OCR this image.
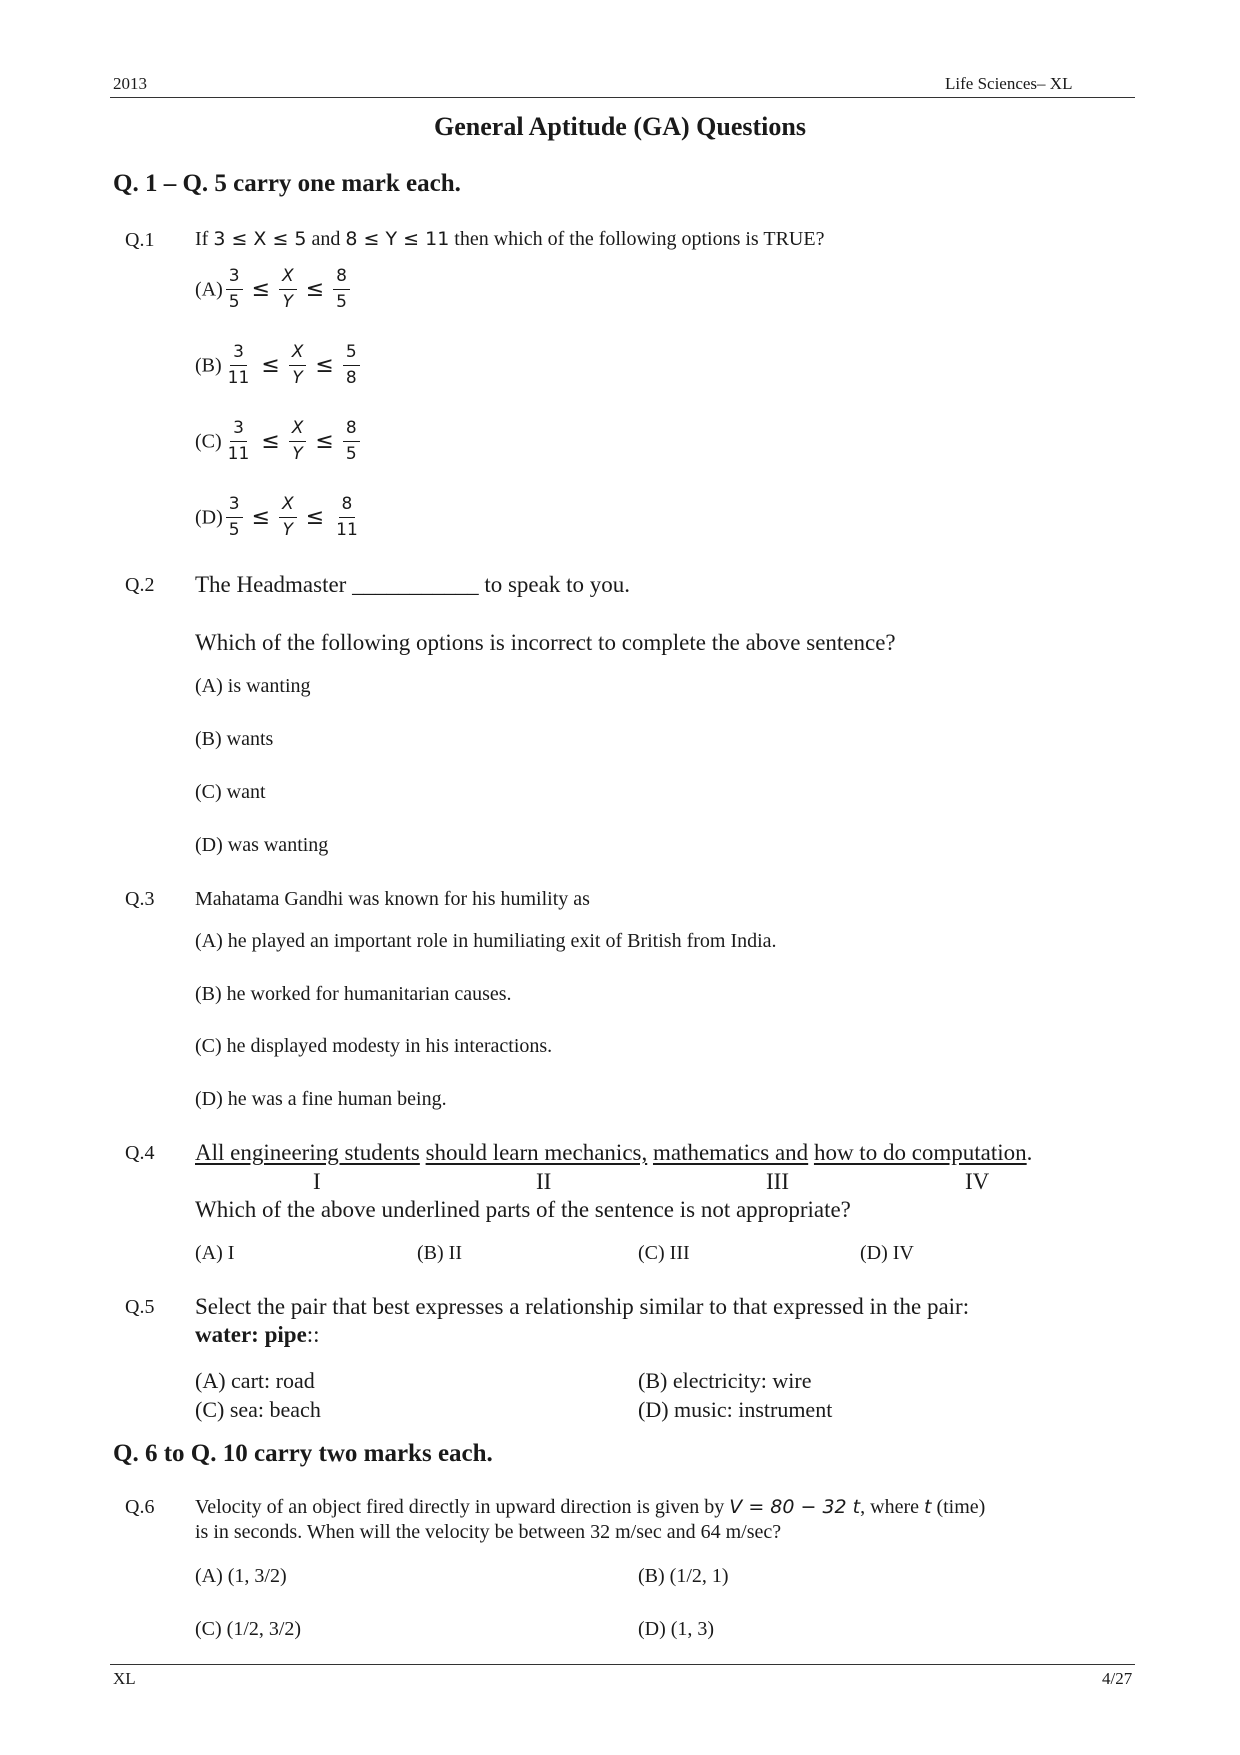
2013	Life Sciences– XL
General Aptitude (GA) Questions
Q. 1 – Q. 5 carry one mark each.
Q.1 If 3 ≤ X ≤ 5 and 8 ≤ Y ≤ 11 then which of the following options is TRUE?
$(A) \frac{3}{5} \le \frac{X}{Y} \le \frac{8}{5}$
$(B) \frac{3}{11} \le \frac{X}{Y} \le \frac{5}{8}$
$(C) \frac{3}{11} \le \frac{X}{Y} \le \frac{8}{5}$
$(D) \frac{3}{5} \le \frac{X}{Y} \le \frac{8}{11}$
Q.2 The Headmaster ___________ to speak to you.
Which of the following options is incorrect to complete the above sentence?
(A) is wanting
(B) wants
(C) want
(D) was wanting
Q.3 Mahatama Gandhi was known for his humility as
(A) he played an important role in humiliating exit of British from India.
(B) he worked for humanitarian causes.
(C) he displayed modesty in his interactions.
(D) he was a fine human being.
Q.4 All engineering students should learn mechanics, mathematics and how to do computation.
I	II	III	IV
Which of the above underlined parts of the sentence is not appropriate?
(A) I	(B) II	(C) III	(D) IV
Q.5 Select the pair that best expresses a relationship similar to that expressed in the pair:
water: pipe::
(A) cart: road	(B) electricity: wire
(C) sea: beach	(D) music: instrument
Q. 6 to Q. 10 carry two marks each.
Q.6 Velocity of an object fired directly in upward direction is given by V = 80 − 32 t, where t (time)
is in seconds. When will the velocity be between 32 m/sec and 64 m/sec?
(A) (1, 3/2)	(B) (1/2, 1)
(C) (1/2, 3/2)	(D) (1, 3)
XL	4/27
